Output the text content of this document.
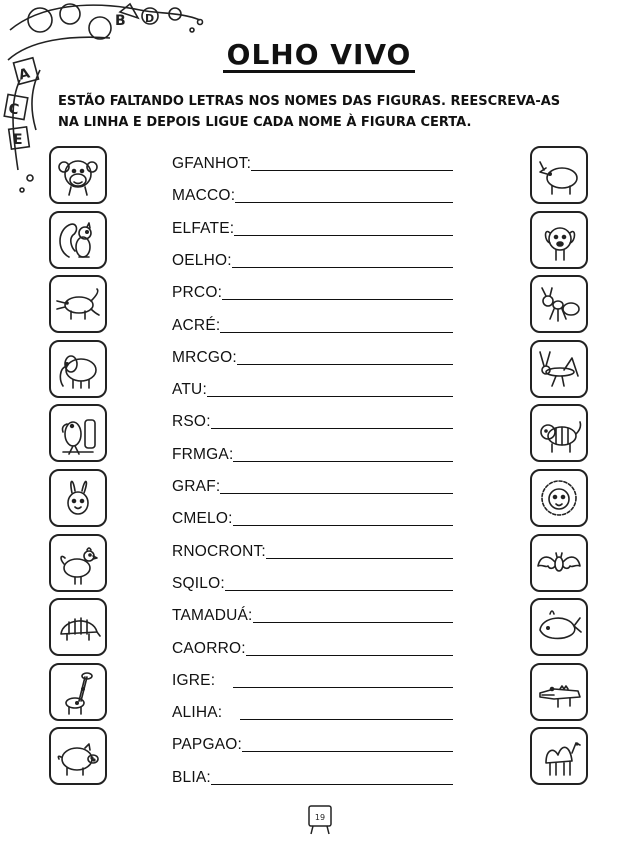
A
C
E
B D
OLHO VIVO
ESTÃO FALTANDO LETRAS NOS NOMES DAS FIGURAS. REESCREVA-AS
NA LINHA E DEPOIS LIGUE CADA NOME À FIGURA CERTA.
GFANHOT:
MACCO:
ELFATE:
OELHO:
PRCO:
ACRÉ:
MRCGO:
ATU:
RSO:
FRMGA:
GRAF:
CMELO:
RNOCRONT:
SQILO:
TAMADUÁ:
CAORRO:
IGRE:
ALIHA:
PAPGAO:
BLIA:
19
